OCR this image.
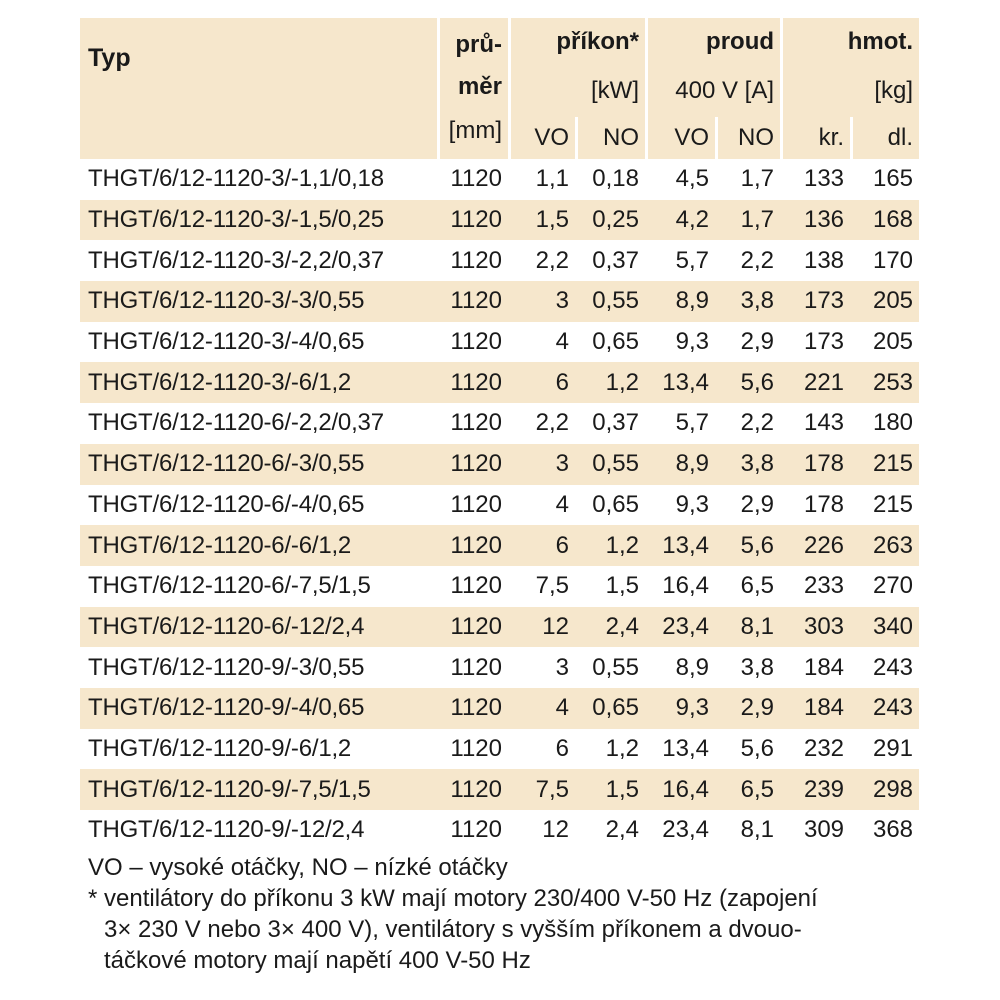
Typ	prů-	příkon*		proud		hmot.	
	měr	[kW]		400 V [A]		[kg]	
	[mm]	VO	NO	VO	NO	kr.	dl.
THGT/6/12-1120-3/-1,1/0,18	1120	1,1	0,18	4,5	1,7	133	165
THGT/6/12-1120-3/-1,5/0,25	1120	1,5	0,25	4,2	1,7	136	168
THGT/6/12-1120-3/-2,2/0,37	1120	2,2	0,37	5,7	2,2	138	170
THGT/6/12-1120-3/-3/0,55	1120	3	0,55	8,9	3,8	173	205
THGT/6/12-1120-3/-4/0,65	1120	4	0,65	9,3	2,9	173	205
THGT/6/12-1120-3/-6/1,2	1120	6	1,2	13,4	5,6	221	253
THGT/6/12-1120-6/-2,2/0,37	1120	2,2	0,37	5,7	2,2	143	180
THGT/6/12-1120-6/-3/0,55	1120	3	0,55	8,9	3,8	178	215
THGT/6/12-1120-6/-4/0,65	1120	4	0,65	9,3	2,9	178	215
THGT/6/12-1120-6/-6/1,2	1120	6	1,2	13,4	5,6	226	263
THGT/6/12-1120-6/-7,5/1,5	1120	7,5	1,5	16,4	6,5	233	270
THGT/6/12-1120-6/-12/2,4	1120	12	2,4	23,4	8,1	303	340
THGT/6/12-1120-9/-3/0,55	1120	3	0,55	8,9	3,8	184	243
THGT/6/12-1120-9/-4/0,65	1120	4	0,65	9,3	2,9	184	243
THGT/6/12-1120-9/-6/1,2	1120	6	1,2	13,4	5,6	232	291
THGT/6/12-1120-9/-7,5/1,5	1120	7,5	1,5	16,4	6,5	239	298
THGT/6/12-1120-9/-12/2,4	1120	12	2,4	23,4	8,1	309	368
VO – vysoké otáčky, NO – nízké otáčky
* ventilátory do příkonu 3 kW mají motory 230/400 V-50 Hz (zapojení
3× 230 V nebo 3× 400 V), ventilátory s vyšším příkonem a dvouo-
táčkové motory mají napětí 400 V-50 Hz
